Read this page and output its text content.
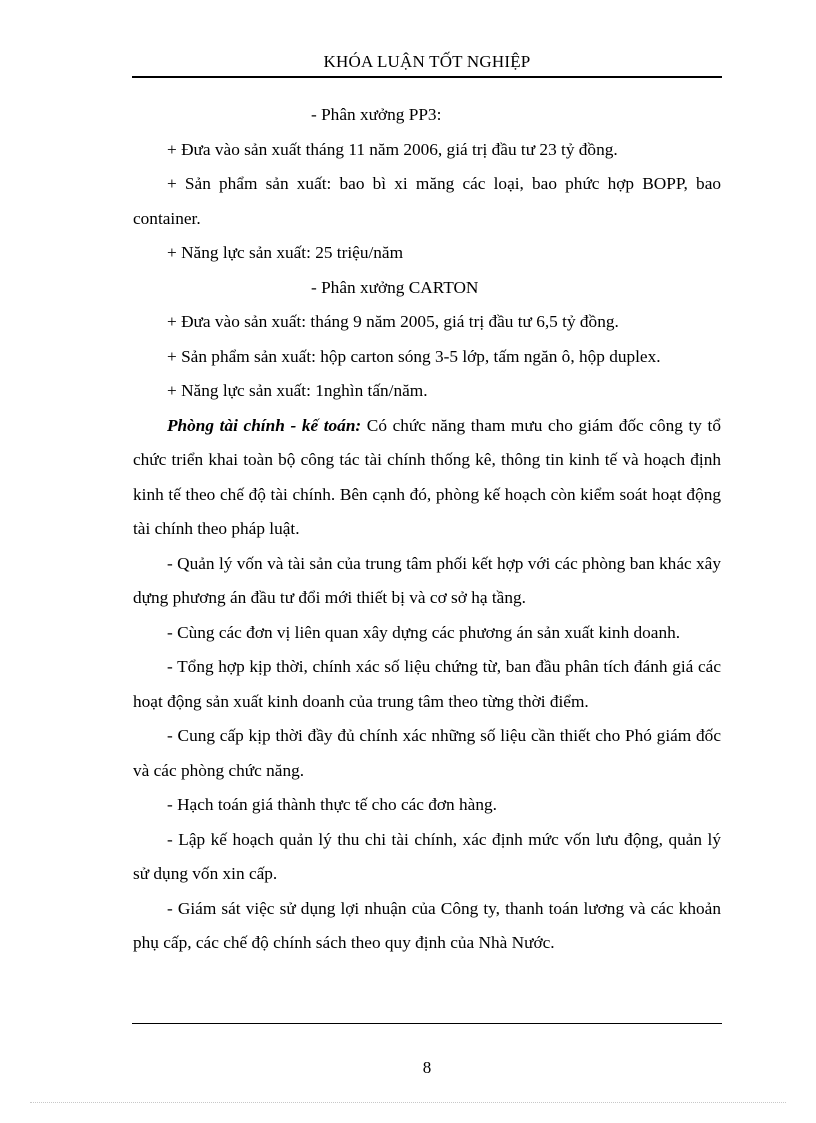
KHÓA LUẬN TỐT NGHIỆP

- Phân xưởng PP3:

+ Đưa vào sản xuất tháng 11 năm 2006, giá trị đầu tư 23 tỷ đồng.

+ Sản phẩm sản xuất: bao bì xi măng các loại, bao phức hợp BOPP, bao container.

+ Năng lực sản xuất: 25 triệu/năm

- Phân xưởng CARTON

+ Đưa vào sản xuất: tháng 9 năm 2005, giá trị đầu tư 6,5 tỷ đồng.

+ Sản phẩm sản xuất: hộp carton sóng 3-5 lớp, tấm ngăn ô, hộp duplex.

+ Năng lực sản xuất: 1nghìn tấn/năm.

Phòng tài chính - kế toán: Có chức năng tham mưu cho giám đốc công ty tổ chức triển khai toàn bộ công tác tài chính thống kê, thông tin kinh tế và hoạch định kinh tế theo chế độ tài chính. Bên cạnh đó, phòng kế hoạch còn kiểm soát hoạt động tài chính theo pháp luật.

- Quản lý vốn và tài sản của trung tâm phối kết hợp với các phòng ban khác xây dựng phương án đầu tư đổi mới thiết bị và cơ sở hạ tầng.

- Cùng các đơn vị liên quan xây dựng các phương án sản xuất kinh doanh.

- Tổng hợp kịp thời, chính xác số liệu chứng từ, ban đầu phân tích đánh giá các hoạt động sản xuất kinh doanh của trung tâm theo từng thời điểm.

- Cung cấp kịp thời đầy đủ chính xác những số liệu cần thiết cho Phó giám đốc và các phòng chức năng.

- Hạch toán giá thành thực tế cho các đơn hàng.

- Lập kế hoạch quản lý thu chi tài chính, xác định mức vốn lưu động, quản lý sử dụng vốn xin cấp.

- Giám sát việc sử dụng lợi nhuận của Công ty, thanh toán lương và các khoản phụ cấp, các chế độ chính sách theo quy định của Nhà Nước.

8
